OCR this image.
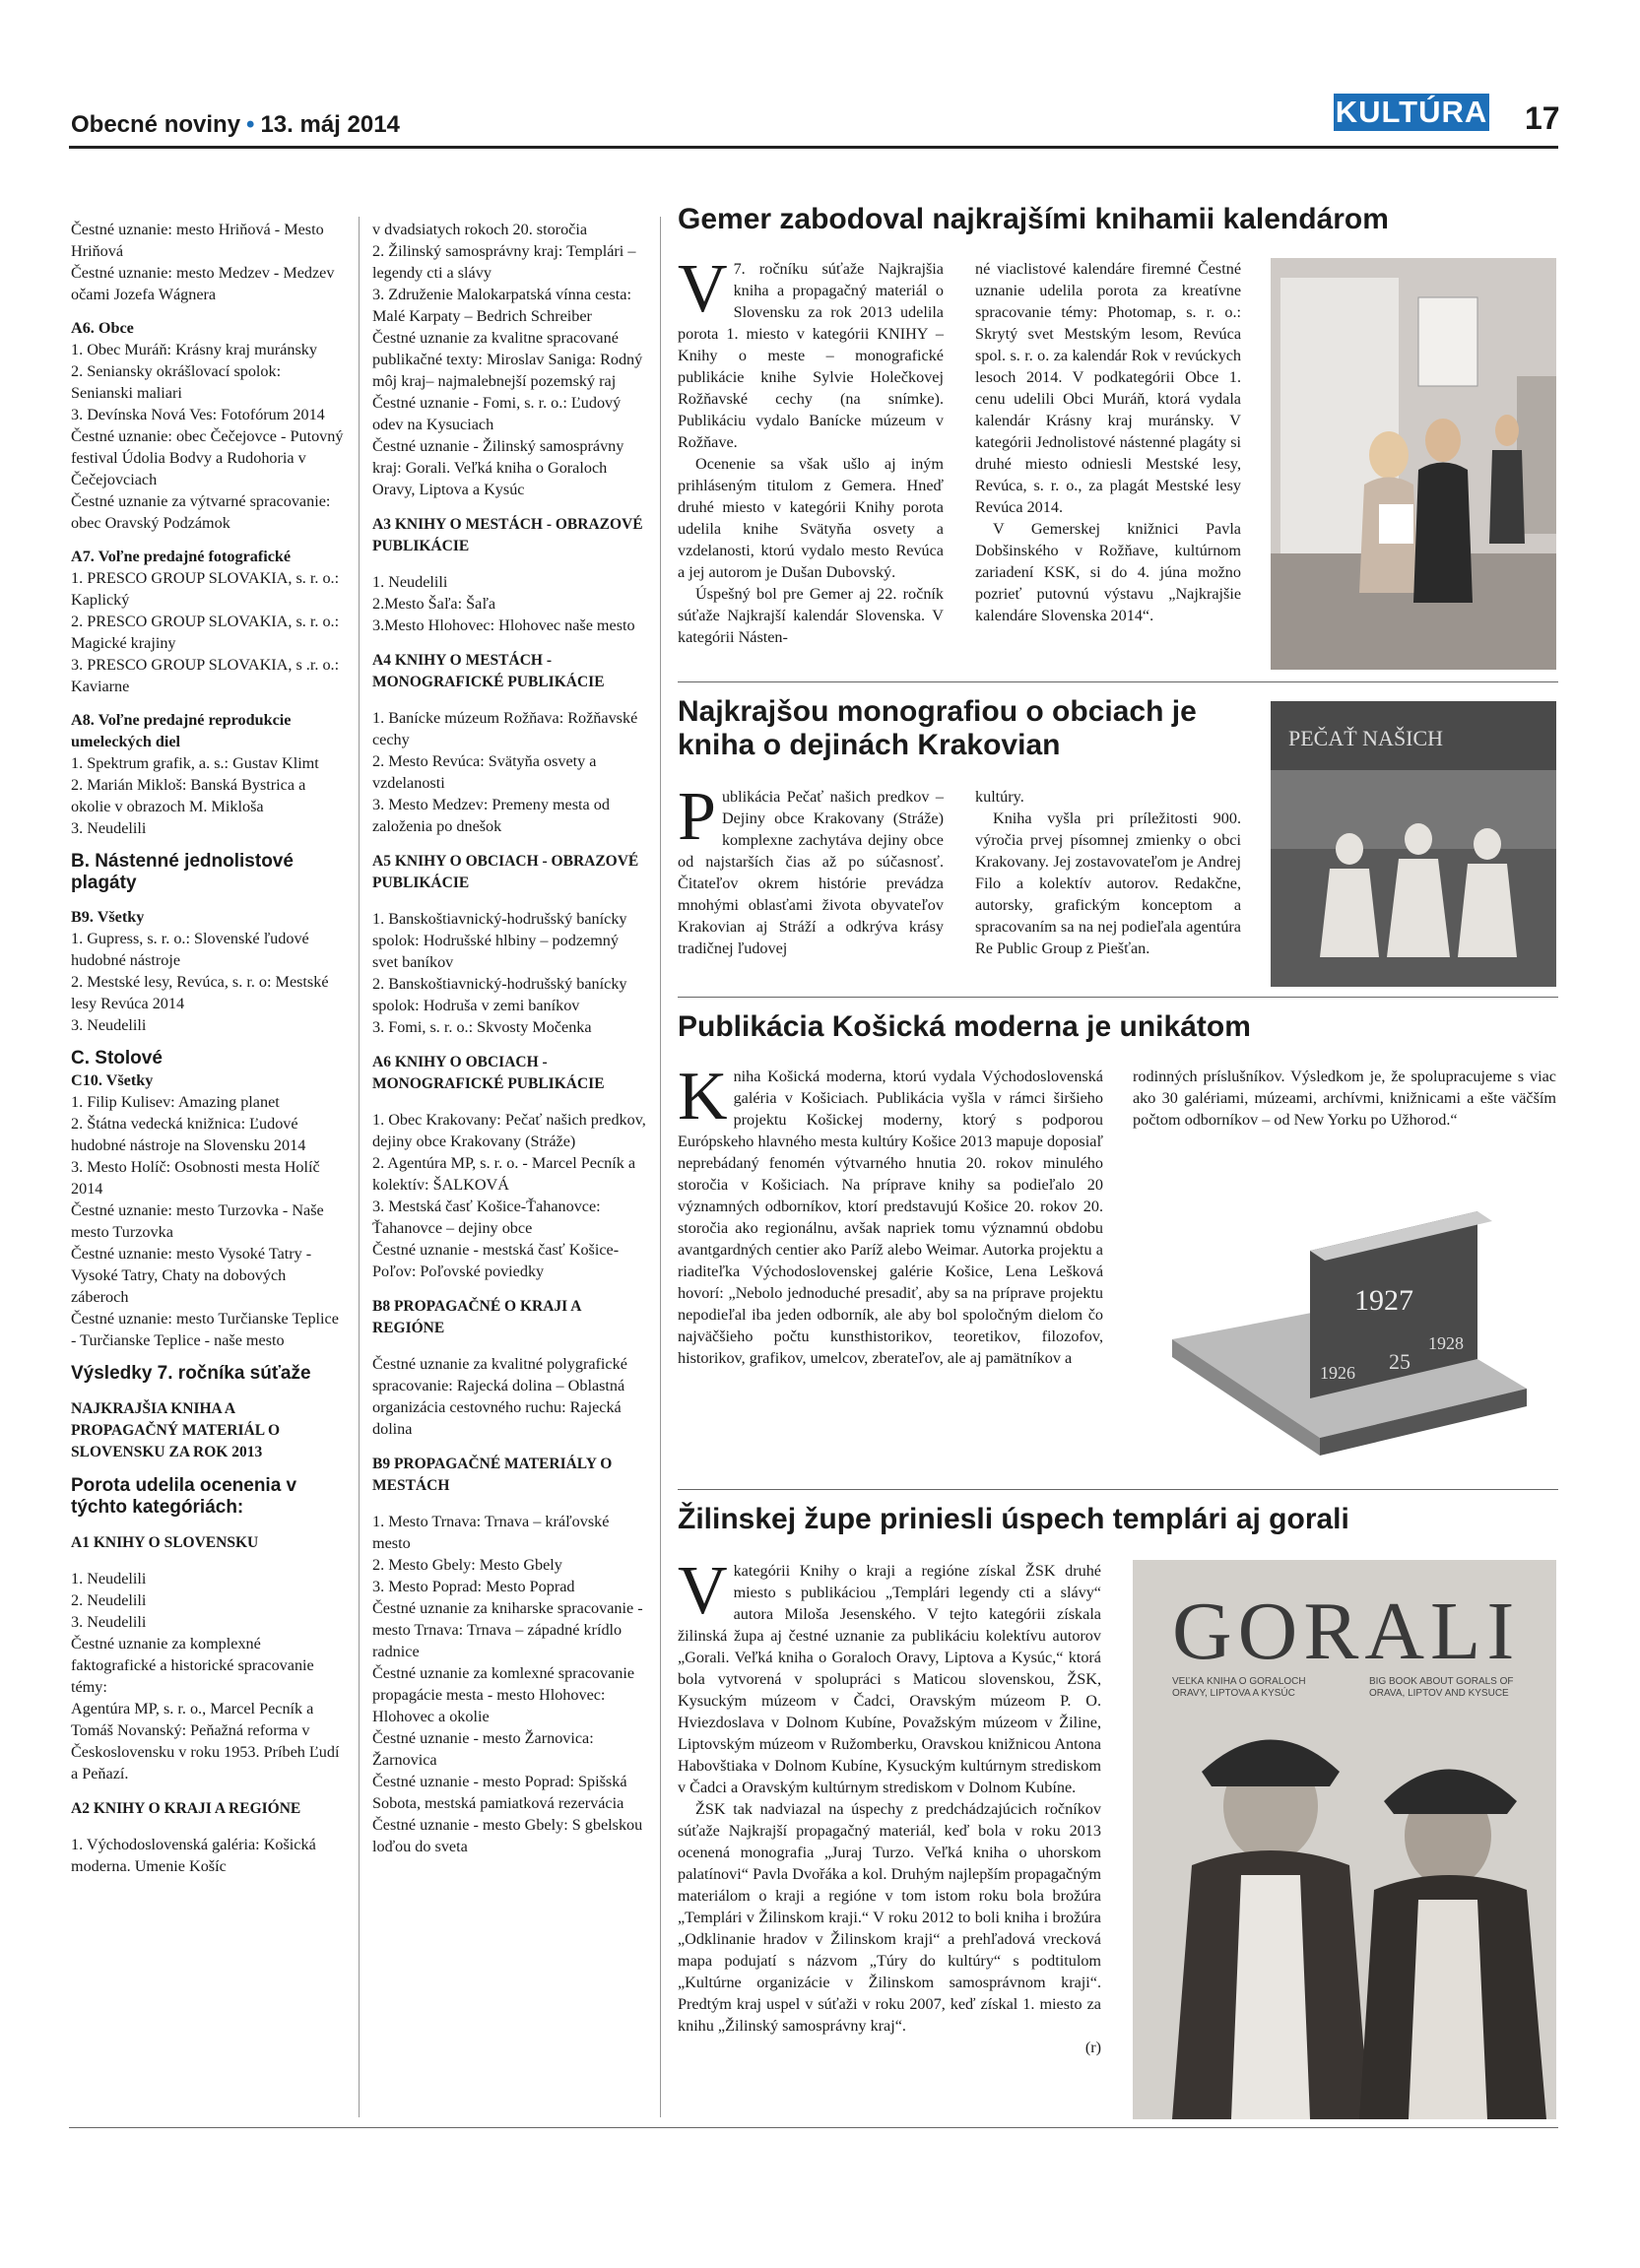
Obecné noviny • 13. máj 2014	KULTÚRA 17

Čestné uznanie: mesto Hriňová - Mesto Hriňová

Čestné uznanie: mesto Medzev - Medzev očami Jozefa Wágnera

A6. Obce

1. Obec Muráň: Krásny kraj muránsky

2. Seniansky okrášlovací spolok: Senianski maliari

3. Devínska Nová Ves: Fotofórum 2014

Čestné uznanie: obec Čečejovce - Putovný festival Údolia Bodvy a Rudohoria v Čečejovciach

Čestné uznanie za výtvarné spracovanie: obec Oravský Podzámok

A7. Voľne predajné fotografické

1. PRESCO GROUP SLOVAKIA, s. r. o.: Kaplický

2. PRESCO GROUP SLOVAKIA, s. r. o.: Magické krajiny

3. PRESCO GROUP SLOVAKIA, s .r. o.: Kaviarne

A8. Voľne predajné reprodukcie umeleckých diel

1. Spektrum grafik, a. s.: Gustav Klimt

2. Marián Mikloš: Banská Bystrica a okolie v obrazoch M. Mikloša

3. Neudelili

B. Nástenné jednolistové plagáty

B9. Všetky

1. Gupress, s. r. o.: Slovenské ľudové hudobné nástroje

2. Mestské lesy, Revúca, s. r. o: Mestské lesy Revúca 2014

3. Neudelili

C. Stolové

C10. Všetky

1. Filip Kulisev: Amazing planet

2. Štátna vedecká knižnica: Ľudové hudobné nástroje na Slovensku 2014

3. Mesto Holíč: Osobnosti mesta Holíč 2014

Čestné uznanie: mesto Turzovka - Naše mesto Turzovka

Čestné uznanie: mesto Vysoké Tatry - Vysoké Tatry, Chaty na dobových záberoch

Čestné uznanie: mesto Turčianske Teplice - Turčianske Teplice - naše mesto

Výsledky 7. ročníka súťaže

NAJKRAJŠIA KNIHA A PROPAGAČNÝ MATERIÁL O SLOVENSKU ZA ROK 2013

Porota udelila ocenenia v týchto kategóriách:

A1 KNIHY O SLOVENSKU

1. Neudelili

2. Neudelili

3. Neudelili

Čestné uznanie za komplexné faktografické a historické spracovanie témy:

Agentúra MP, s. r. o., Marcel Pecník a Tomáš Novanský: Peňažná reforma v Československu v roku 1953. Príbeh Ľudí a Peňazí.

A2 KNIHY O KRAJI A REGIÓNE

1. Východoslovenská galéria: Košická moderna. Umenie Košíc

v dvadsiatych rokoch 20. storočia

2. Žilinský samosprávny kraj: Templári – legendy cti a slávy

3. Združenie Malokarpatská vínna cesta: Malé Karpaty – Bedrich Schreiber

Čestné uznanie za kvalitne spracované publikačné texty: Miroslav Saniga: Rodný môj kraj– najmalebnejší pozemský raj

Čestné uznanie - Fomi, s. r. o.: Ľudový odev na Kysuciach

Čestné uznanie - Žilinský samosprávny kraj: Gorali. Veľká kniha o Goraloch Oravy, Liptova a Kysúc

A3 KNIHY O MESTÁCH - OBRAZOVÉ PUBLIKÁCIE

1. Neudelili

2.Mesto Šaľa: Šaľa

3.Mesto Hlohovec: Hlohovec naše mesto

A4 KNIHY O MESTÁCH - MONOGRAFICKÉ PUBLIKÁCIE

1. Banícke múzeum Rožňava: Rožňavské cechy

2. Mesto Revúca: Svätyňa osvety a vzdelanosti

3. Mesto Medzev: Premeny mesta od založenia po dnešok

A5 KNIHY O OBCIACH - OBRAZOVÉ PUBLIKÁCIE

1. Banskoštiavnický-hodrušský banícky spolok: Hodrušské hlbiny – podzemný svet baníkov

2. Banskoštiavnický-hodrušský banícky spolok: Hodruša v zemi baníkov

3. Fomi, s. r. o.: Skvosty Močenka

A6 KNIHY O OBCIACH - MONOGRAFICKÉ PUBLIKÁCIE

1. Obec Krakovany: Pečať našich predkov, dejiny obce Krakovany (Stráže)

2. Agentúra MP, s. r. o. - Marcel Pecník a kolektív: ŠALKOVÁ

3. Mestská časť Košice-Ťahanovce: Ťahanovce – dejiny obce

Čestné uznanie - mestská časť Košice-Poľov: Poľovské poviedky

B8 PROPAGAČNÉ O KRAJI A REGIÓNE

Čestné uznanie za kvalitné polygrafické spracovanie: Rajecká dolina – Oblastná organizácia cestovného ruchu: Rajecká dolina

B9 PROPAGAČNÉ MATERIÁLY O MESTÁCH

1. Mesto Trnava: Trnava – kráľovské mesto

2. Mesto Gbely: Mesto Gbely

3. Mesto Poprad: Mesto Poprad

Čestné uznanie za kniharske spracovanie - mesto Trnava: Trnava – západné krídlo radnice

Čestné uznanie za komlexné spracovanie propagácie mesta - mesto Hlohovec: Hlohovec a okolie

Čestné uznanie - mesto Žarnovica: Žarnovica

Čestné uznanie - mesto Poprad: Spišská Sobota, mestská pamiatková rezervácia

Čestné uznanie - mesto Gbely: S gbelskou loďou do sveta

Gemer zabodoval najkrajšími knihamii kalendárom
V 7. ročníku súťaže Najkrajšia kniha a propagačný materiál o Slovensku za rok 2013 udelila porota 1. miesto v kategórii KNIHY – Knihy o meste – monografické publikácie knihe Sylvie Holečkovej Rožňavské cechy (na snímke). Publikáciu vydalo Banícke múzeum v Rožňave.

Ocenenie sa však ušlo aj iným prihláseným titulom z Gemera. Hneď druhé miesto v kategórii Knihy porota udelila knihe Svätyňa osvety a vzdelanosti, ktorú vydalo mesto Revúca a jej autorom je Dušan Dubovský.

Úspešný bol pre Gemer aj 22. ročník súťaže Najkrajší kalendár Slovenska. V kategórii Násten-

né viaclistové kalendáre firemné Čestné uznanie udelila porota za kreatívne spracovanie témy: Photomap, s. r. o.: Skrytý svet Mestským lesom, Revúca spol. s. r. o. za kalendár Rok v revúckych lesoch 2014. V podkategórii Obce 1. cenu udelili Obci Muráň, ktorá vydala kalendár Krásny kraj muránsky. V kategórii Jednolistové nástenné plagáty si druhé miesto odniesli Mestské lesy, Revúca, s. r. o., za plagát Mestské lesy Revúca 2014.

V Gemerskej knižnici Pavla Dobšinského v Rožňave, kultúrnom zariadení KSK, si do 4. júna možno pozrieť putovnú výstavu „Najkrajšie kalendáre Slovenska 2014“.

Najkrajšou monografiou o obciach je kniha o dejinách Krakovian
P ublikácia Pečať našich predkov – Dejiny obce Krakovany (Stráže) komplexne zachytáva dejiny obce od najstarších čias až po súčasnosť. Čitateľov okrem histórie prevádza mnohými oblasťami života obyvateľov Krakovian aj Stráží a odkrýva krásy tradičnej ľudovej

kultúry.

Kniha vyšla pri príležitosti 900. výročia prvej písomnej zmienky o obci Krakovany. Jej zostavovateľom je Andrej Filo a kolektív autorov. Redakčne, autorsky, grafickým konceptom a spracovaním sa na nej podieľala agentúra Re Public Group z Piešťan.

PEČAŤ NAŠICH
Publikácia Košická moderna je unikátom
K niha Košická moderna, ktorú vydala Východoslovenská galéria v Košiciach. Publikácia vyšla v rámci širšieho projektu Košickej moderny, ktorý s podporou Európskeho hlavného mesta kultúry Košice 2013 mapuje doposiaľ neprebádaný fenomén výtvarného hnutia 20. rokov minulého storočia v Košiciach. Na príprave knihy sa podieľalo 20 významných odborníkov, ktorí predstavujú Košice 20. rokov 20. storočia ako regionálnu, avšak napriek tomu významnú obdobu avantgardných centier ako Paríž alebo Weimar. Autorka projektu a riaditeľka Východoslovenskej galérie Košice, Lena Lešková hovorí: „Nebolo jednoduché presadiť, aby sa na príprave projektu nepodieľal iba jeden odborník, ale aby bol spoločným dielom čo najväčšieho počtu kunsthistorikov, teoretikov, filozofov, historikov, grafikov, umelcov, zberateľov, ale aj pamätníkov a

rodinných príslušníkov. Výsledkom je, že spolupracujeme s viac ako 30 galériami, múzeami, archívmi, knižnicami a ešte väčším počtom odborníkov – od New Yorku po Užhorod.“

1927
1926 25
1928
Žilinskej župe priniesli úspech templári aj gorali
V kategórii Knihy o kraji a regióne získal ŽSK druhé miesto s publikáciou „Templári legendy cti a slávy“ autora Miloša Jesenského. V tejto kategórii získala žilinská župa aj čestné uznanie za publikáciu kolektívu autorov „Gorali. Veľká kniha o Goraloch Oravy, Liptova a Kysúc,“ ktorá bola vytvorená v spolupráci s Maticou slovenskou, ŽSK, Kysuckým múzeom v Čadci, Oravským múzeom P. O. Hviezdoslava v Dolnom Kubíne, Považským múzeom v Žiline, Liptovským múzeom v Ružomberku, Oravskou knižnicou Antona Habovštiaka v Dolnom Kubíne, Kysuckým kultúrnym strediskom v Čadci a Oravským kultúrnym strediskom v Dolnom Kubíne.

ŽSK tak nadviazal na úspechy z predchádzajúcich ročníkov súťaže Najkrajší propagačný materiál, keď bola v roku 2013 ocenená monografia „Juraj Turzo. Veľká kniha o uhorskom palatínovi“ Pavla Dvořáka a kol. Druhým najlepším propagačným materiálom o kraji a regióne v tom istom roku bola brožúra „Templári v Žilinskom kraji.“ V roku 2012 to boli kniha i brožúra „Odklinanie hradov v Žilinskom kraji“ a prehľadová vrecková mapa podujatí s názvom „Túry do kultúry“ s podtitulom „Kultúrne organizácie v Žilinskom samosprávnom kraji“. Predtým kraj uspel v súťaži v roku 2007, keď získal 1. miesto za knihu „Žilinský samosprávny kraj“.

(r)
GORALI
VEĽKÁ KNIHA O GORALOCH ORAVY, LIPTOVA A KYSÚC
BIG BOOK ABOUT GORALS OF ORAVA, LIPTOV AND KYSUCE
